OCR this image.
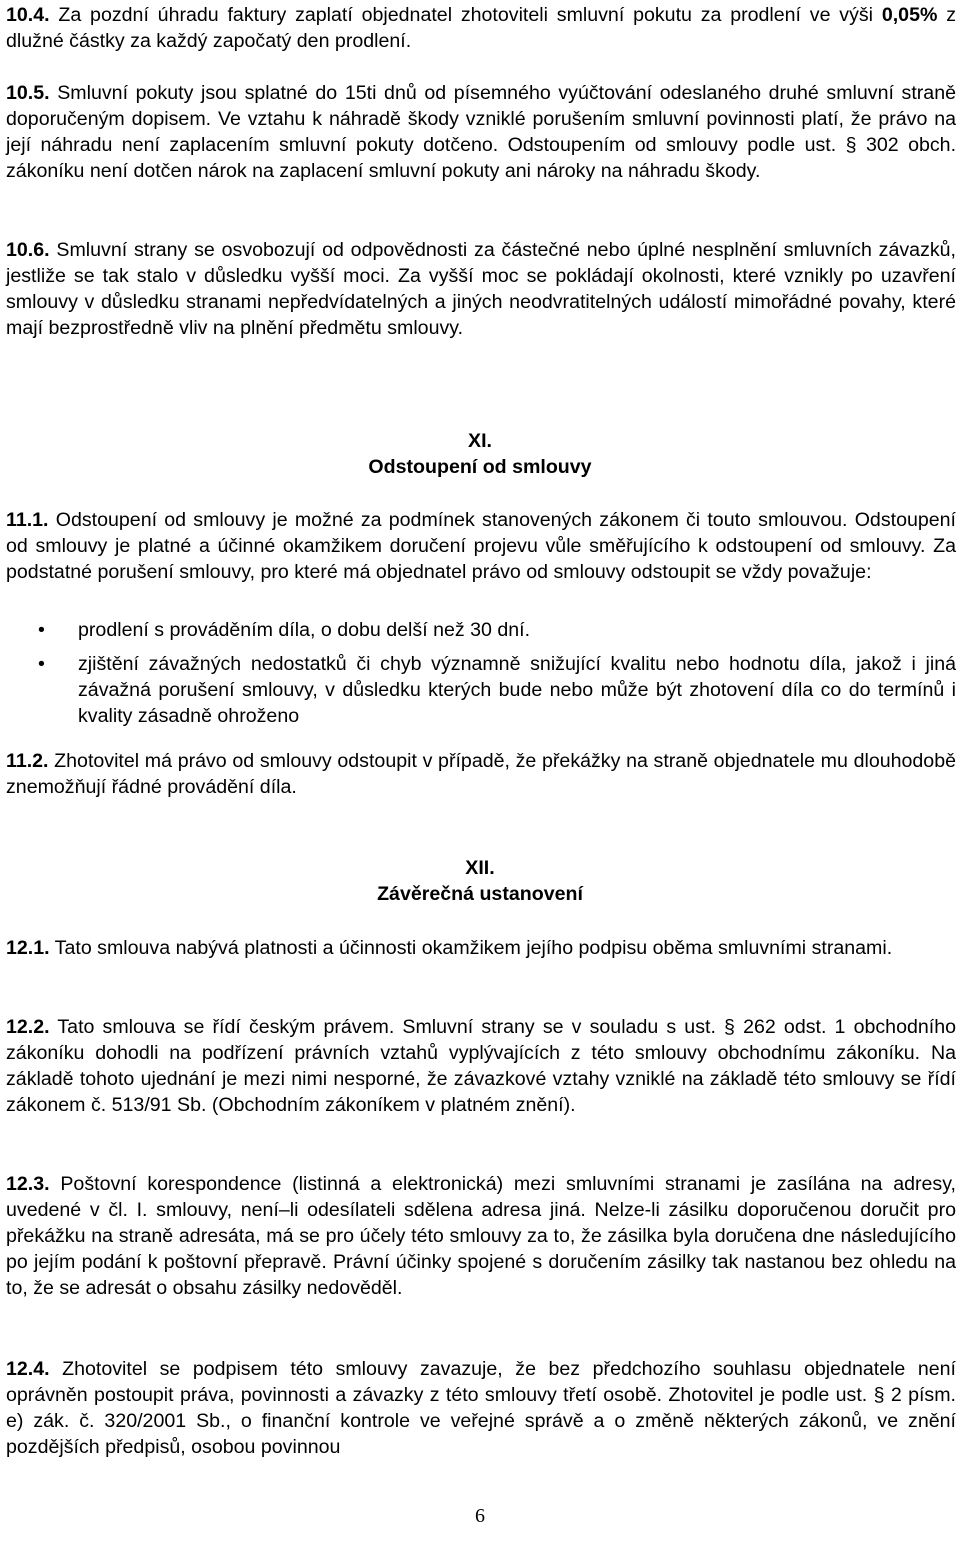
10.4. Za pozdní úhradu faktury zaplatí objednatel zhotoviteli smluvní pokutu za prodlení ve výši 0,05% z dlužné částky za každý započatý den prodlení.

10.5. Smluvní pokuty jsou splatné do 15ti dnů od písemného vyúčtování odeslaného druhé smluvní straně doporučeným dopisem. Ve vztahu k náhradě škody vzniklé porušením smluvní povinnosti platí, že právo na její náhradu není zaplacením smluvní pokuty dotčeno. Odstoupením od smlouvy podle ust. § 302 obch. zákoníku není dotčen nárok na zaplacení smluvní pokuty ani nároky na náhradu škody.

10.6. Smluvní strany se osvobozují od odpovědnosti za částečné nebo úplné nesplnění smluvních závazků, jestliže se tak stalo v důsledku vyšší moci. Za vyšší moc se pokládají okolnosti, které vznikly po uzavření smlouvy v důsledku stranami nepředvídatelných a jiných neodvratitelných událostí mimořádné povahy, které mají bezprostředně vliv na plnění předmětu smlouvy.

XI.
Odstoupení od smlouvy

11.1. Odstoupení od smlouvy je možné za podmínek stanovených zákonem či touto smlouvou. Odstoupení od smlouvy je platné a účinné okamžikem doručení projevu vůle směřujícího k odstoupení od smlouvy. Za podstatné porušení smlouvy, pro které má objednatel právo od smlouvy odstoupit se vždy považuje:

• prodlení s prováděním díla, o dobu delší než 30 dní.
• zjištění závažných nedostatků či chyb významně snižující kvalitu nebo hodnotu díla, jakož i jiná závažná porušení smlouvy, v důsledku kterých bude nebo může být zhotovení díla co do termínů i kvality zásadně ohroženo

11.2. Zhotovitel má právo od smlouvy odstoupit v případě, že překážky na straně objednatele mu dlouhodobě znemožňují řádné provádění díla.

XII.
Závěrečná ustanovení

12.1. Tato smlouva nabývá platnosti a účinnosti okamžikem jejího podpisu oběma smluvními stranami.

12.2. Tato smlouva se řídí českým právem. Smluvní strany se v souladu s ust. § 262 odst. 1 obchodního zákoníku dohodli na podřízení právních vztahů vyplývajících z této smlouvy obchodnímu zákoníku. Na základě tohoto ujednání je mezi nimi nesporné, že závazkové vztahy vzniklé na základě této smlouvy se řídí zákonem č. 513/91 Sb. (Obchodním zákoníkem v platném znění).

12.3. Poštovní korespondence (listinná a elektronická) mezi smluvními stranami je zasílána na adresy, uvedené v čl. I. smlouvy, není–li odesílateli sdělena adresa jiná. Nelze-li zásilku doporučenou doručit pro překážku na straně adresáta, má se pro účely této smlouvy za to, že zásilka byla doručena dne následujícího po jejím podání k poštovní přepravě. Právní účinky spojené s doručením zásilky tak nastanou bez ohledu na to, že se adresát o obsahu zásilky nedověděl.

12.4. Zhotovitel se podpisem této smlouvy zavazuje, že bez předchozího souhlasu objednatele není oprávněn postoupit práva, povinnosti a závazky z této smlouvy třetí osobě. Zhotovitel je podle ust. § 2 písm. e) zák. č. 320/2001 Sb., o finanční kontrole ve veřejné správě a o změně některých zákonů, ve znění pozdějších předpisů, osobou povinnou

6
